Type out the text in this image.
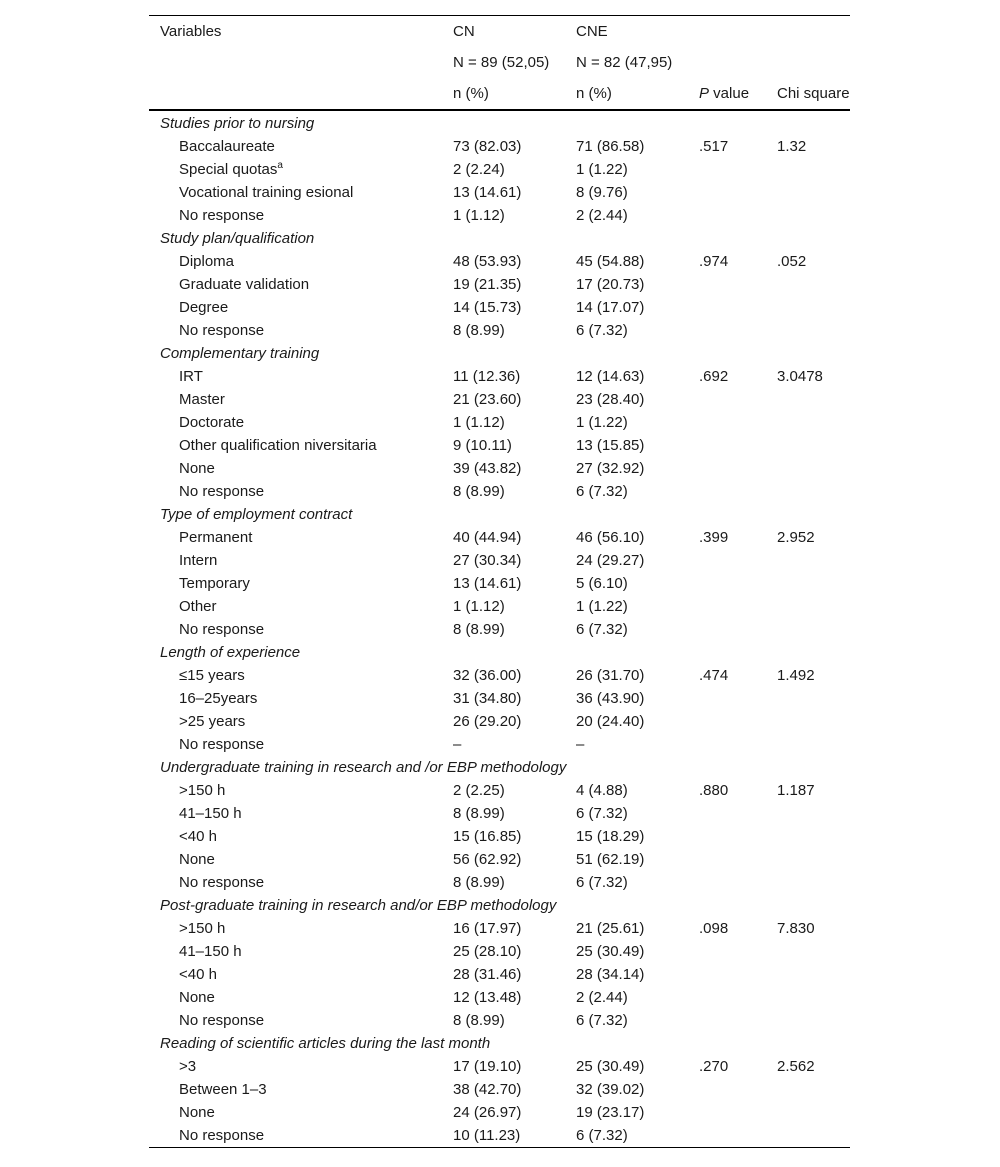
Variables	CN	CNE		
	N = 89 (52,05)	N = 82 (47,95)		
	n (%)	n (%)	P value	Chi square
Studies prior to nursing				
Baccalaureate	73 (82.03)	71 (86.58)	.517	1.32
Special quotas$^a$	2 (2.24)	1 (1.22)		
Vocational training esional	13 (14.61)	8 (9.76)		
No response	1 (1.12)	2 (2.44)		
Study plan/qualification				
Diploma	48 (53.93)	45 (54.88)	.974	.052
Graduate validation	19 (21.35)	17 (20.73)		
Degree	14 (15.73)	14 (17.07)		
No response	8 (8.99)	6 (7.32)		
Complementary training				
IRT	11 (12.36)	12 (14.63)	.692	3.0478
Master	21 (23.60)	23 (28.40)		
Doctorate	1 (1.12)	1 (1.22)		
Other qualification niversitaria	9 (10.11)	13 (15.85)		
None	39 (43.82)	27 (32.92)		
No response	8 (8.99)	6 (7.32)		
Type of employment contract				
Permanent	40 (44.94)	46 (56.10)	.399	2.952
Intern	27 (30.34)	24 (29.27)		
Temporary	13 (14.61)	5 (6.10)		
Other	1 (1.12)	1 (1.22)		
No response	8 (8.99)	6 (7.32)		
Length of experience				
≤15 years	32 (36.00)	26 (31.70)	.474	1.492
16–25years	31 (34.80)	36 (43.90)		
>25 years	26 (29.20)	20 (24.40)		
No response	–	–		
Undergraduate training in research and /or EBP methodology				
>150 h	2 (2.25)	4 (4.88)	.880	1.187
41–150 h	8 (8.99)	6 (7.32)		
<40 h	15 (16.85)	15 (18.29)		
None	56 (62.92)	51 (62.19)		
No response	8 (8.99)	6 (7.32)		
Post-graduate training in research and/or EBP methodology				
>150 h	16 (17.97)	21 (25.61)	.098	7.830
41–150 h	25 (28.10)	25 (30.49)		
<40 h	28 (31.46)	28 (34.14)		
None	12 (13.48)	2 (2.44)		
No response	8 (8.99)	6 (7.32)		
Reading of scientific articles during the last month				
>3	17 (19.10)	25 (30.49)	.270	2.562
Between 1–3	38 (42.70)	32 (39.02)		
None	24 (26.97)	19 (23.17)		
No response	10 (11.23)	6 (7.32)		
